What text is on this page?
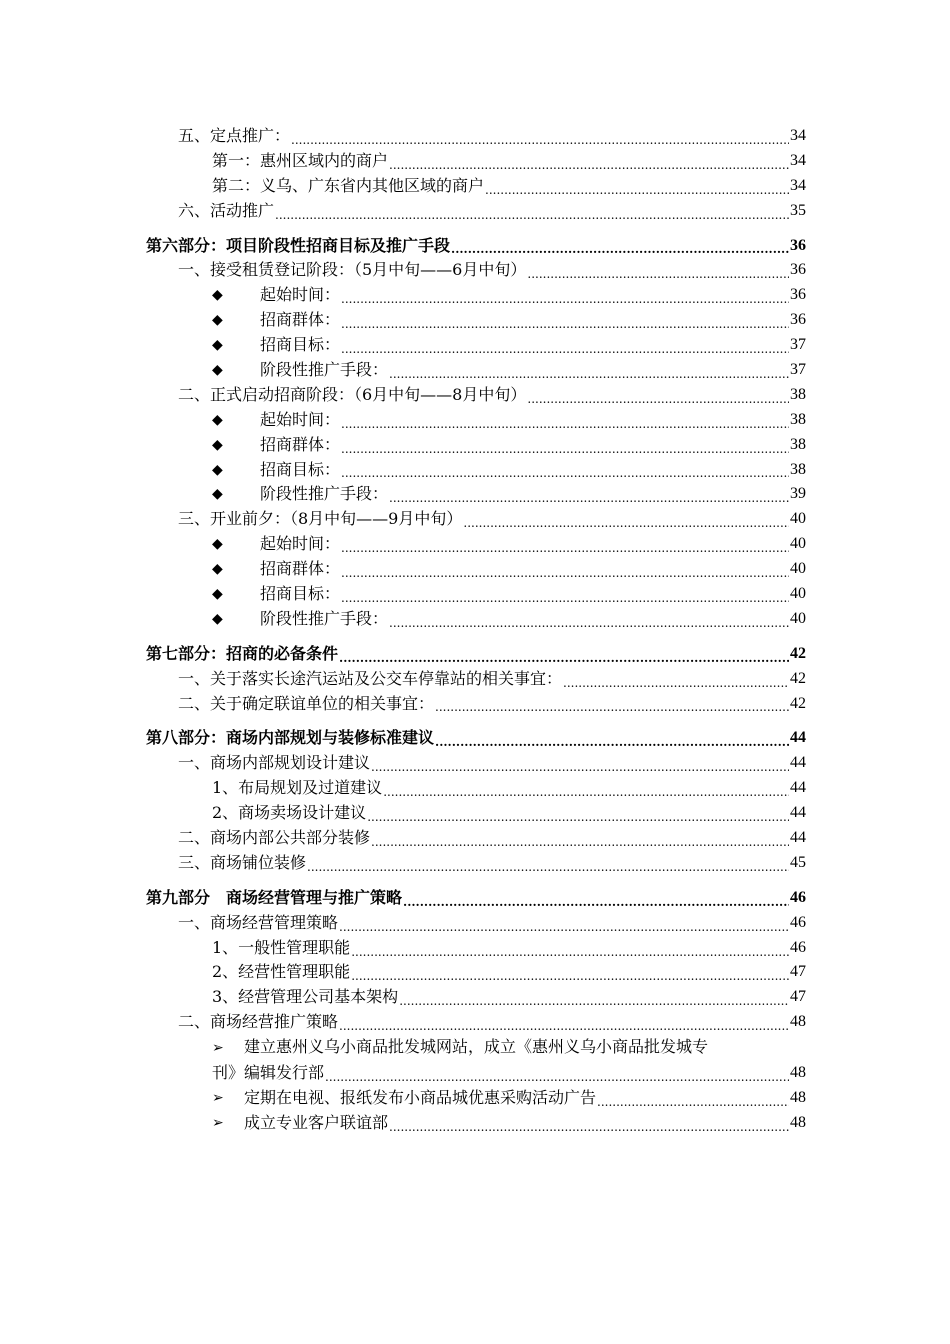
五、定点推广： .....	34
第一：惠州区域内的商户 .....	34
第二：义乌、广东省内其他区域的商户 .....	34
六、活动推广 .....	35
第六部分：项目阶段性招商目标及推广手段 .....	36
一、接受租赁登记阶段：（5月中旬——6月中旬） .....	36
◆	起始时间： .....	36
◆	招商群体： .....	36
◆	招商目标： .....	37
◆	阶段性推广手段： .....	37
二、正式启动招商阶段：（6月中旬——8月中旬） .....	38
◆	起始时间： .....	38
◆	招商群体： .....	38
◆	招商目标： .....	38
◆	阶段性推广手段： .....	39
三、开业前夕：（8月中旬——9月中旬） .....	40
◆	起始时间： .....	40
◆	招商群体： .....	40
◆	招商目标： .....	40
◆	阶段性推广手段： .....	40
第七部分：招商的必备条件 .....	42
一、关于落实长途汽运站及公交车停靠站的相关事宜： .....	42
二、关于确定联谊单位的相关事宜： .....	42
第八部分：商场内部规划与装修标准建议 .....	44
一、商场内部规划设计建议 .....	44
1、布局规划及过道建议 .....	44
2、商场卖场设计建议 .....	44
二、商场内部公共部分装修 .....	44
三、商场铺位装修 .....	45
第九部分　商场经营管理与推广策略 .....	46
一、商场经营管理策略 .....	46
1、一般性管理职能 .....	46
2、经营性管理职能 .....	47
3、经营管理公司基本架构 .....	47
二、商场经营推广策略 .....	48
➢ 建立惠州义乌小商品批发城网站，成立《惠州义乌小商品批发城专
刊》编辑发行部 .....	48
➢	定期在电视、报纸发布小商品城优惠采购活动广告 .....	48
➢	成立专业客户联谊部 .....	48
